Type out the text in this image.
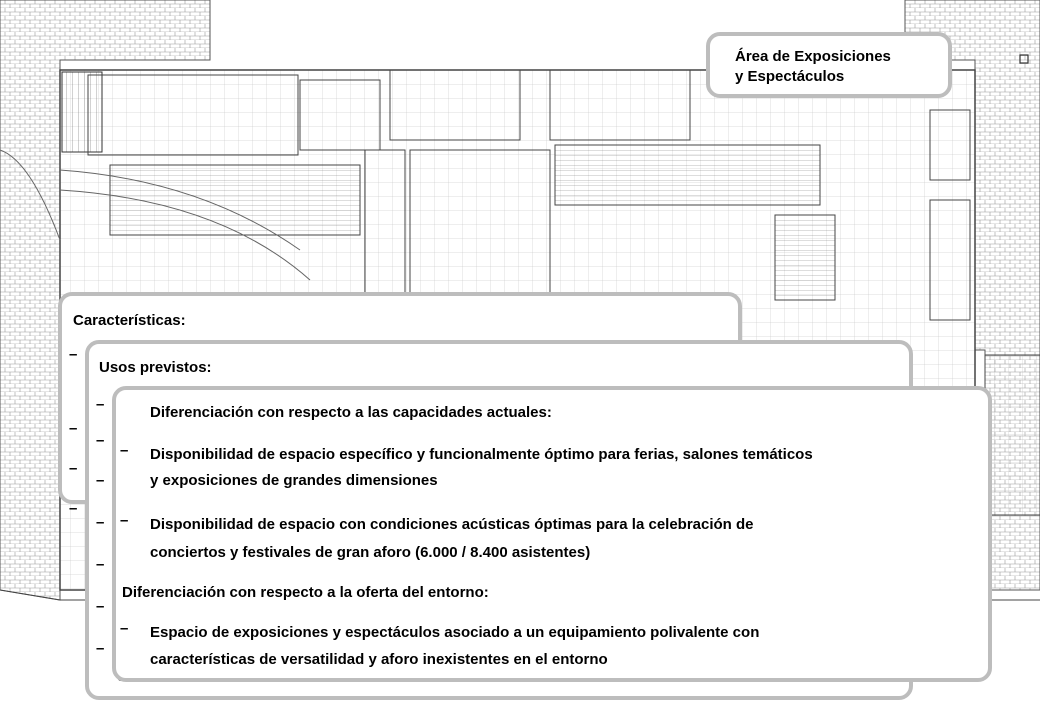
Área de Exposiciones
y Espectáculos
Características:
–
–
–
–
Usos previstos:
–
–
–
–
–
–
–
Diferenciación con respecto a las capacidades actuales:
– Disponibilidad de espacio específico y funcionalmente óptimo para ferias, salones temáticos
y exposiciones de grandes dimensiones
– Disponibilidad de espacio con condiciones acústicas óptimas para la celebración de
conciertos y festivales de gran aforo (6.000 / 8.400 asistentes)
Diferenciación con respecto a la oferta del entorno:
– Espacio de exposiciones y espectáculos asociado a un equipamiento polivalente con
características de versatilidad y aforo inexistentes en el entorno
